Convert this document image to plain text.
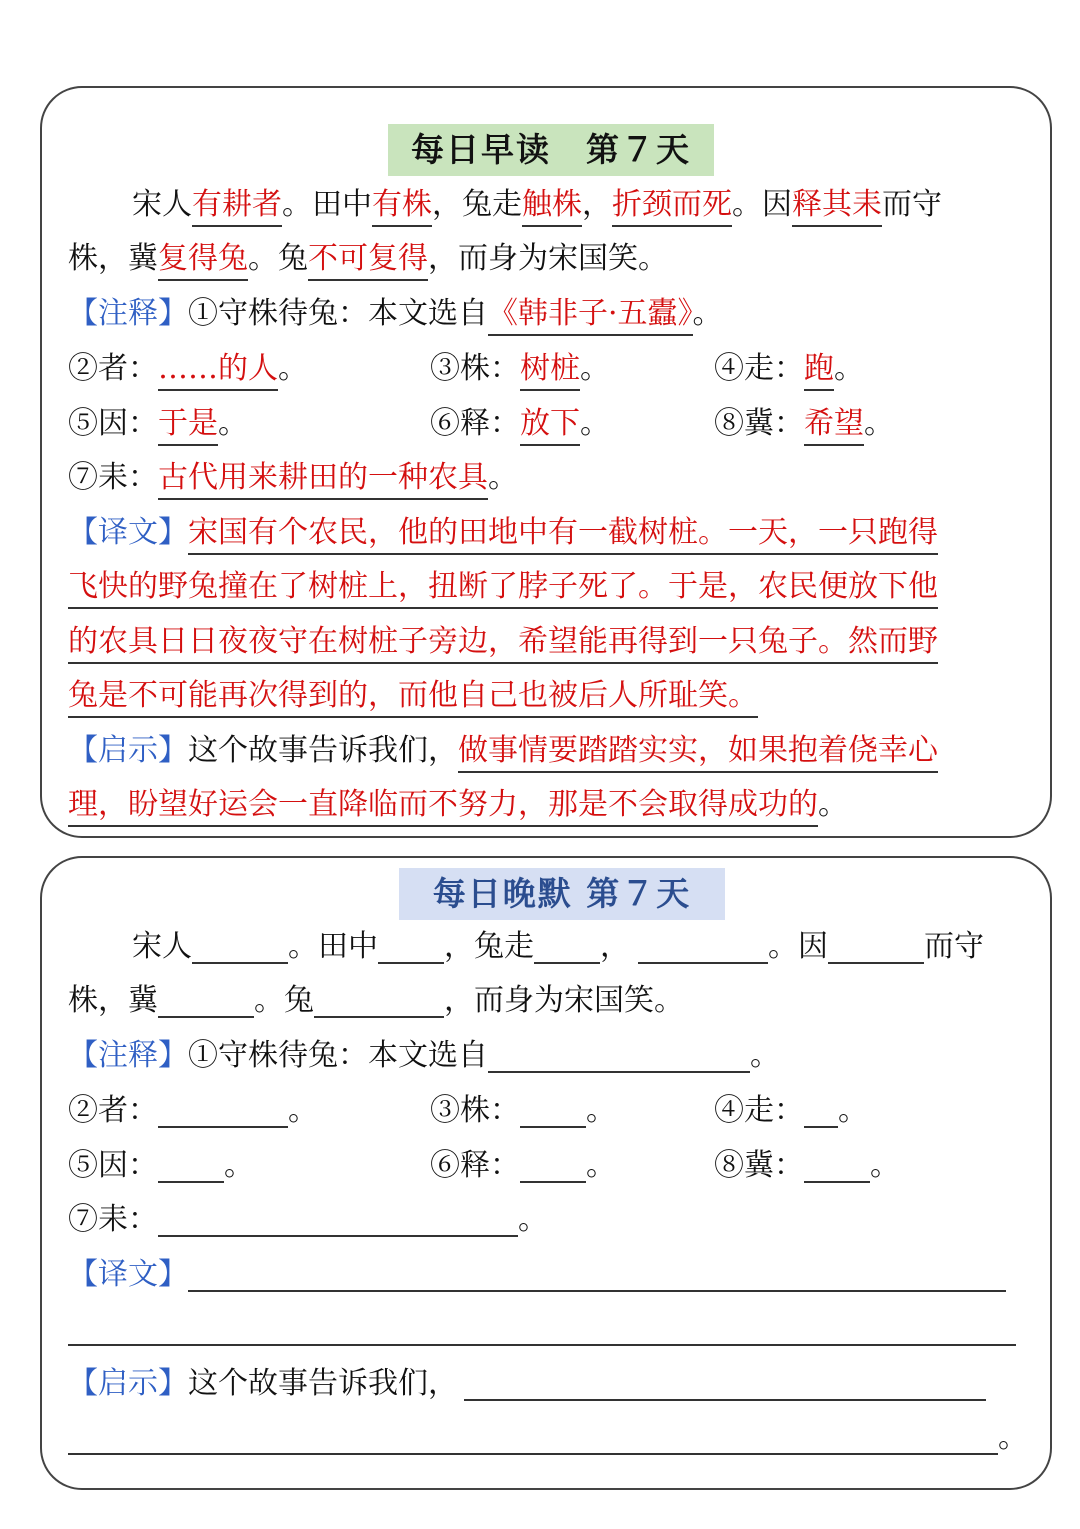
每日早读　第７天
宋人有耕者。田中有株，兔走触株，折颈而死。因释其耒而守
株，冀复得兔。兔不可复得，而身为宋国笑。
【注释】①守株待兔：本文选自《韩非子·五蠹》。
②者：……的人。	③株：树桩。	④走：跑。
⑤因：于是。	⑥释：放下。	⑧冀：希望。
⑦耒：古代用来耕田的一种农具。
【译文】宋国有个农民，他的田地中有一截树桩。一天，一只跑得
飞快的野兔撞在了树桩上，扭断了脖子死了。于是，农民便放下他
的农具日日夜夜守在树桩子旁边，希望能再得到一只兔子。然而野
兔是不可能再次得到的，而他自己也被后人所耻笑。
【启示】这个故事告诉我们，做事情要踏踏实实，如果抱着侥幸心
理，盼望好运会一直降临而不努力，那是不会取得成功的。
每日晚默 第７天
宋人	。田中 ，兔走 ，	。因	而守
株，冀	。兔	，而身为宋国笑。
【注释】①守株待兔：本文选自	。
②者：	。	③株： 。	④走： 。
⑤因： 。	⑥释： 。	⑧冀： 。
⑦耒：	。
【译文】
【启示】这个故事告诉我们，
。
